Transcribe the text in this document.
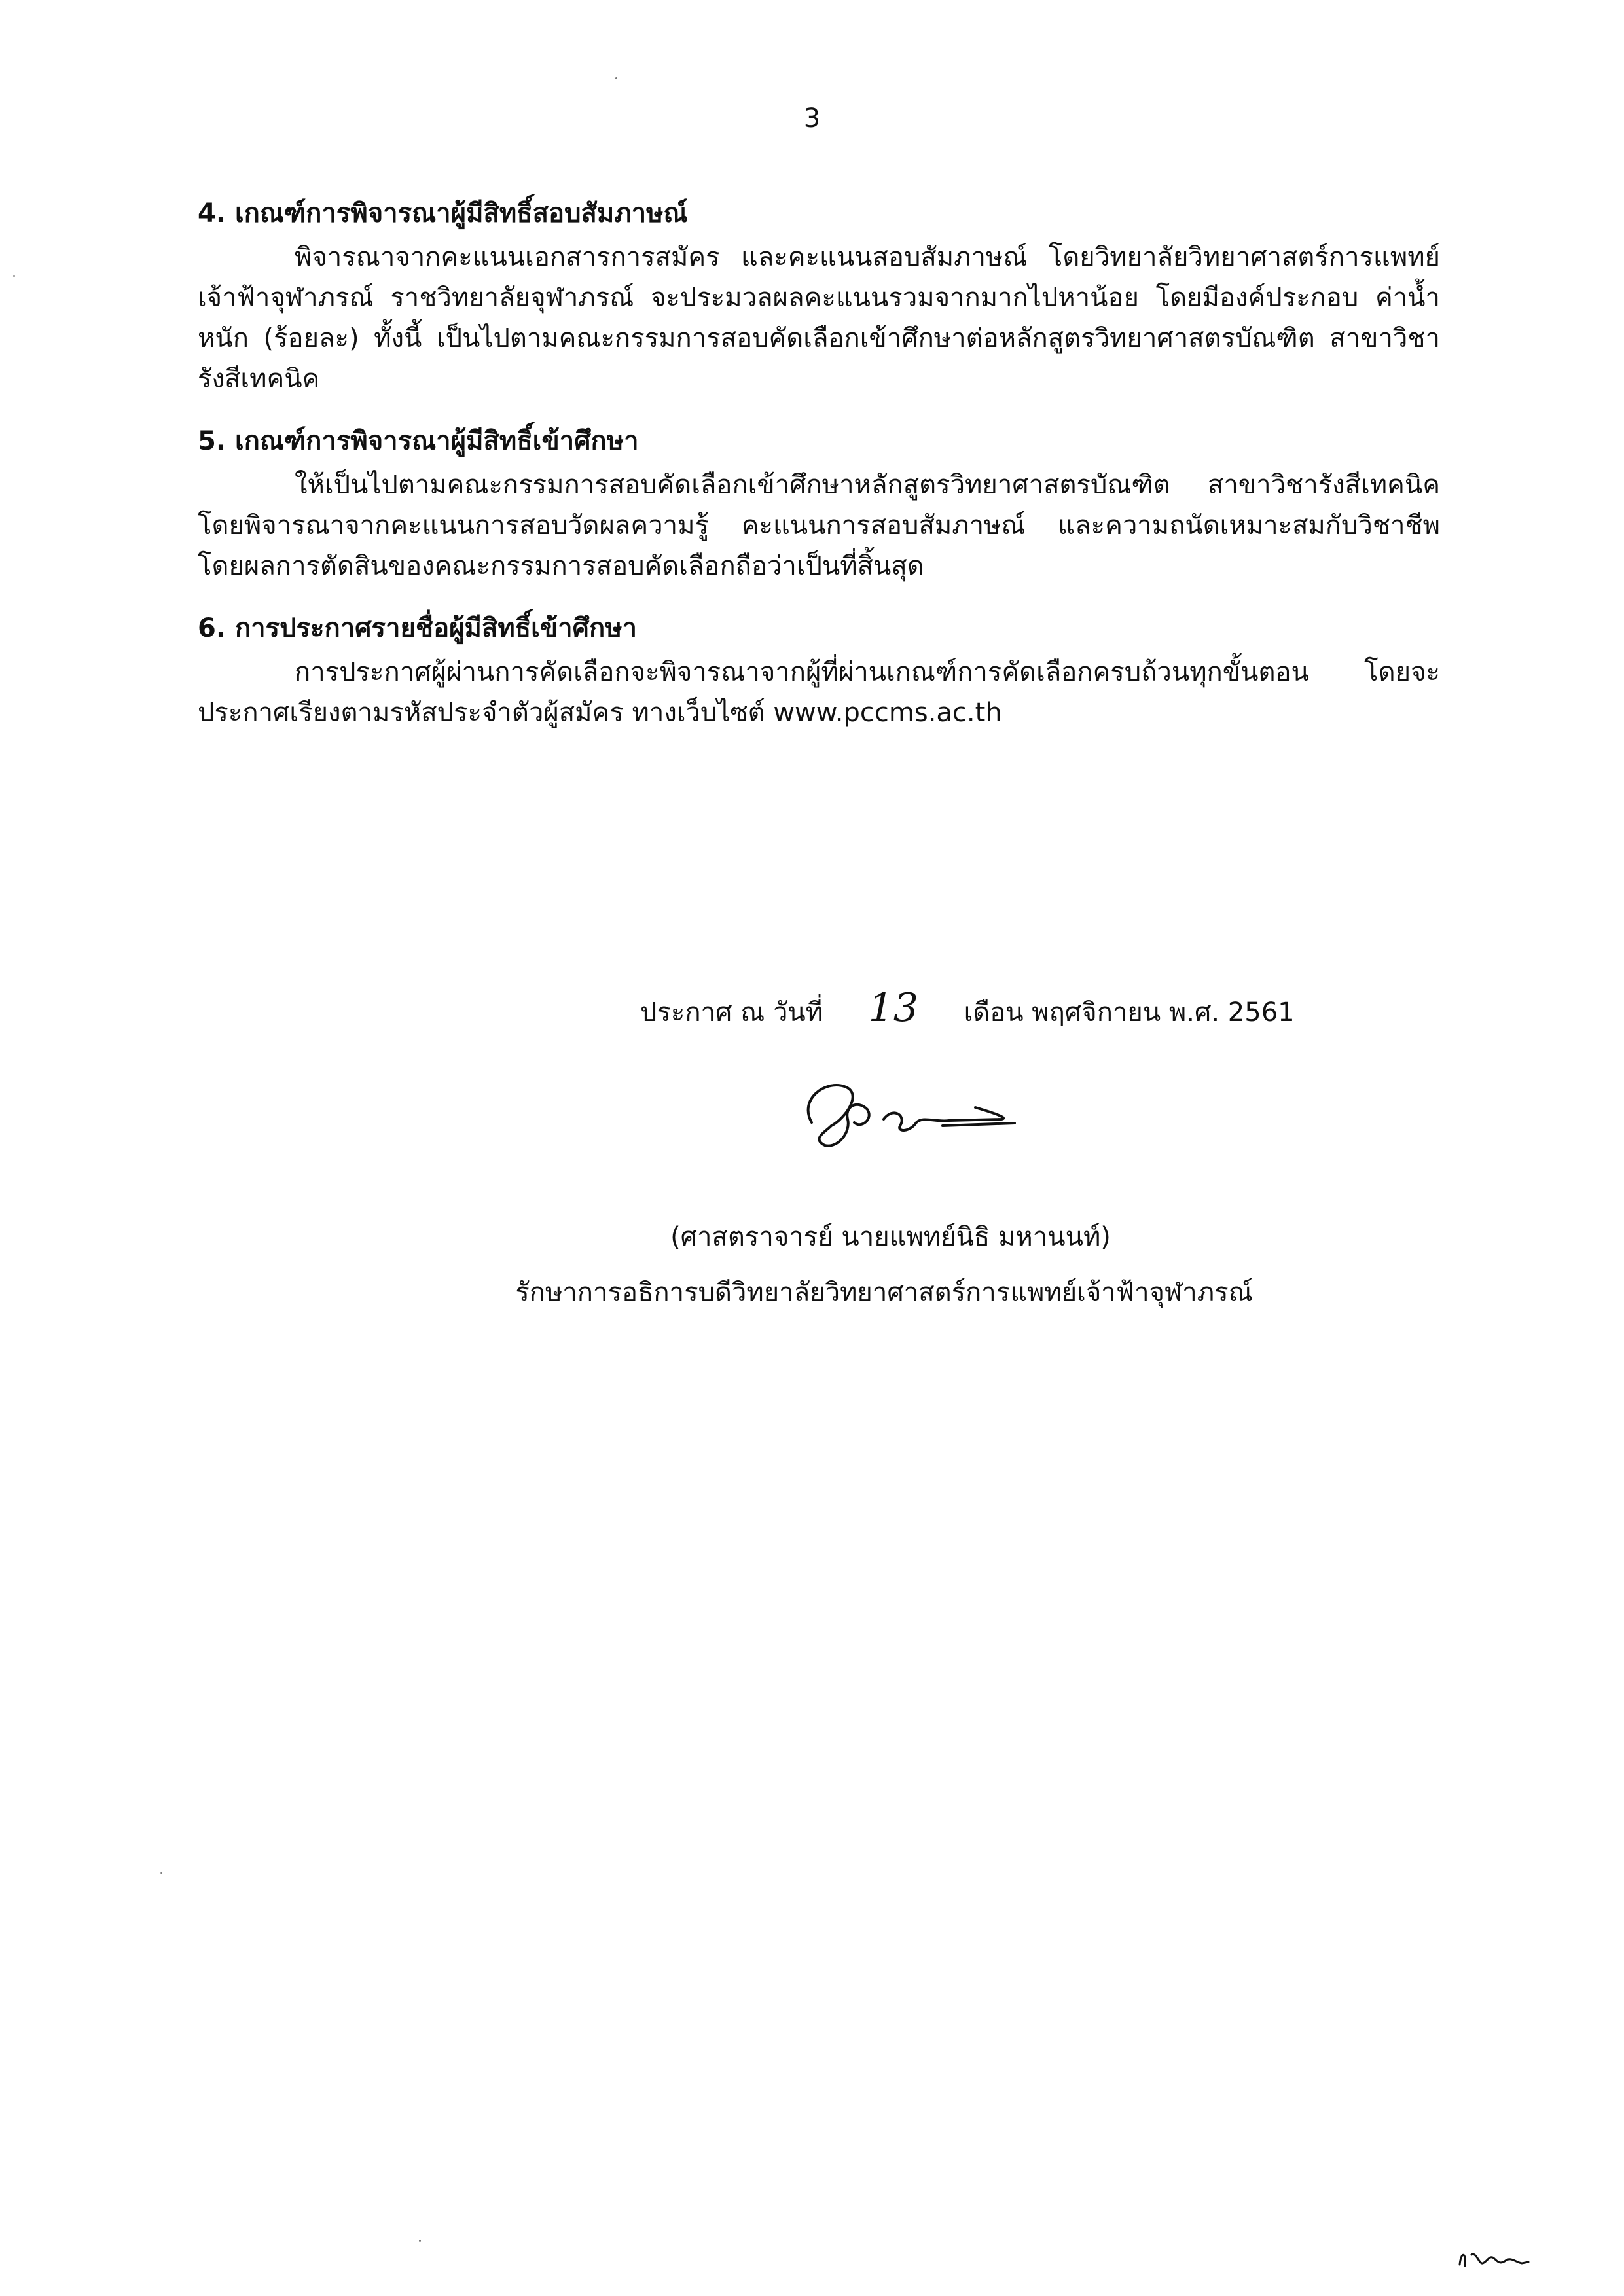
3

4. เกณฑ์การพิจารณาผู้มีสิทธิ์สอบสัมภาษณ์

พิจารณาจากคะแนนเอกสารการสมัคร และคะแนนสอบสัมภาษณ์ โดยวิทยาลัยวิทยาศาสตร์การแพทย์เจ้าฟ้าจุฬาภรณ์ ราชวิทยาลัยจุฬาภรณ์ จะประมวลผลคะแนนรวมจากมากไปหาน้อย โดยมีองค์ประกอบ ค่าน้ำหนัก (ร้อยละ) ทั้งนี้ เป็นไปตามคณะกรรมการสอบคัดเลือกเข้าศึกษาต่อหลักสูตรวิทยาศาสตรบัณฑิต สาขาวิชารังสีเทคนิค

5. เกณฑ์การพิจารณาผู้มีสิทธิ์เข้าศึกษา

ให้เป็นไปตามคณะกรรมการสอบคัดเลือกเข้าศึกษาหลักสูตรวิทยาศาสตรบัณฑิต สาขาวิชารังสีเทคนิค โดยพิจารณาจากคะแนนการสอบวัดผลความรู้ คะแนนการสอบสัมภาษณ์ และความถนัดเหมาะสมกับวิชาชีพ โดยผลการตัดสินของคณะกรรมการสอบคัดเลือกถือว่าเป็นที่สิ้นสุด

6. การประกาศรายชื่อผู้มีสิทธิ์เข้าศึกษา

การประกาศผู้ผ่านการคัดเลือกจะพิจารณาจากผู้ที่ผ่านเกณฑ์การคัดเลือกครบถ้วนทุกขั้นตอน โดยจะประกาศเรียงตามรหัสประจำตัวผู้สมัคร ทางเว็บไซต์ www.pccms.ac.th

ประกาศ ณ วันที่ 13 เดือน พฤศจิกายน พ.ศ. 2561
(ศาสตราจารย์ นายแพทย์นิธิ มหานนท์)
รักษาการอธิการบดีวิทยาลัยวิทยาศาสตร์การแพทย์เจ้าฟ้าจุฬาภรณ์
